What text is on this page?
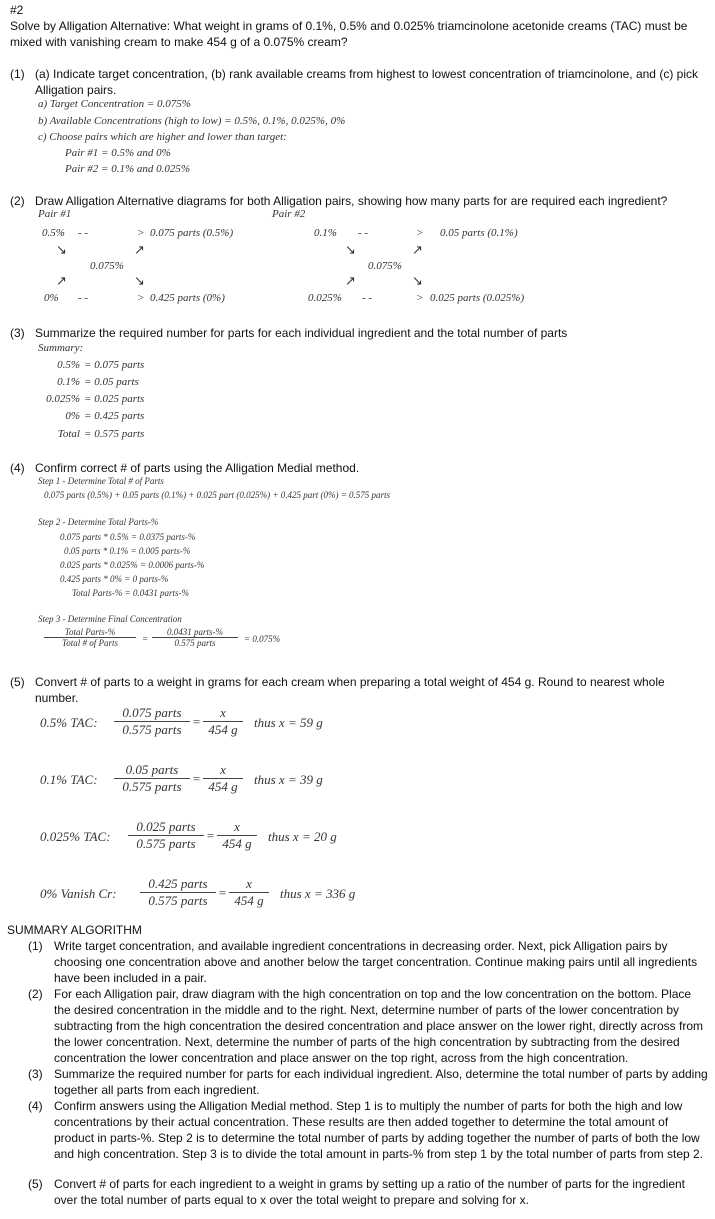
#2
Solve by Alligation Alternative: What weight in grams of 0.1%, 0.5% and 0.025% triamcinolone acetonide creams (TAC) must be mixed with vanishing cream to make 454 g of a 0.075% cream?
(1) (a) Indicate target concentration, (b) rank available creams from highest to lowest concentration of triamcinolone, and (c) pick Alligation pairs.
a) Target Concentration = 0.075%
b) Available Concentrations (high to low) = 0.5%, 0.1%, 0.025%, 0%
c) Choose pairs which are higher and lower than target:
Pair #1 = 0.5% and 0%
Pair #2 = 0.1% and 0.025%
(2) Draw Alligation Alternative diagrams for both Alligation pairs, showing how many parts for are required each ingredient?
Pair #1
0.5% - -	> 0.075 parts (0.5%)
↘	↗
0.075%
↗	↘
0% - -	> 0.425 parts (0%)
Pair #2
0.1% - -	> 0.05 parts (0.1%)
↘	↗
0.075%
↗	↘
0.025% - -	> 0.025 parts (0.025%)
(3) Summarize the required number for parts for each individual ingredient and the total number of parts
Summary:
0.5% = 0.075 parts
0.1% = 0.05 parts
0.025% = 0.025 parts
0% = 0.425 parts
Total = 0.575 parts
(4) Confirm correct # of parts using the Alligation Medial method.
Step 1 - Determine Total # of Parts
0.075 parts (0.5%) + 0.05 parts (0.1%) + 0.025 part (0.025%) + 0.425 part (0%) = 0.575 parts
Step 2 - Determine Total Parts-%
0.075 parts * 0.5% = 0.0375 parts-%
0.05 parts * 0.1% = 0.005 parts-%
0.025 parts * 0.025% = 0.0006 parts-%
0.425 parts * 0% = 0 parts-%
Total Parts-% = 0.0431 parts-%
Step 3 - Determine Final Concentration
Total Parts-%
Total # of Parts	=
0.0431 parts-%
0.575 parts	= 0.075%
(5) Convert # of parts to a weight in grams for each cream when preparing a total weight of 454 g. Round to nearest whole number.
0.5% TAC:
0.075 parts
0.575 parts
= $\frac{x}{454 g}$ thus x = 59 g
0.1% TAC:
0.05 parts
0.575 parts
= $\frac{x}{454 g}$ thus x = 39 g
0.025% TAC:
0.025 parts
0.575 parts
= $\frac{x}{454 g}$ thus x = 20 g
0% Vanish Cr:
0.425 parts
0.575 parts
= $\frac{x}{454 g}$ thus x = 336 g
SUMMARY ALGORITHM
(1) Write target concentration, and available ingredient concentrations in decreasing order. Next, pick Alligation pairs by choosing one concentration above and another below the target concentration. Continue making pairs until all ingredients have been included in a pair.
(2) For each Alligation pair, draw diagram with the high concentration on top and the low concentration on the bottom. Place the desired concentration in the middle and to the right. Next, determine number of parts of the lower concentration by subtracting from the high concentration the desired concentration and place answer on the lower right, directly across from the lower concentration. Next, determine the number of parts of the high concentration by subtracting from the desired concentration the lower concentration and place answer on the top right, across from the high concentration.
(3) Summarize the required number for parts for each individual ingredient. Also, determine the total number of parts by adding together all parts from each ingredient.
(4) Confirm answers using the Alligation Medial method. Step 1 is to multiply the number of parts for both the high and low concentrations by their actual concentration. These results are then added together to determine the total amount of product in parts-%. Step 2 is to determine the total number of parts by adding together the number of parts of both the low and high concentration. Step 3 is to divide the total amount in parts-% from step 1 by the total number of parts from step 2.
(5) Convert # of parts for each ingredient to a weight in grams by setting up a ratio of the number of parts for the ingredient over the total number of parts equal to x over the total weight to prepare and solving for x.
